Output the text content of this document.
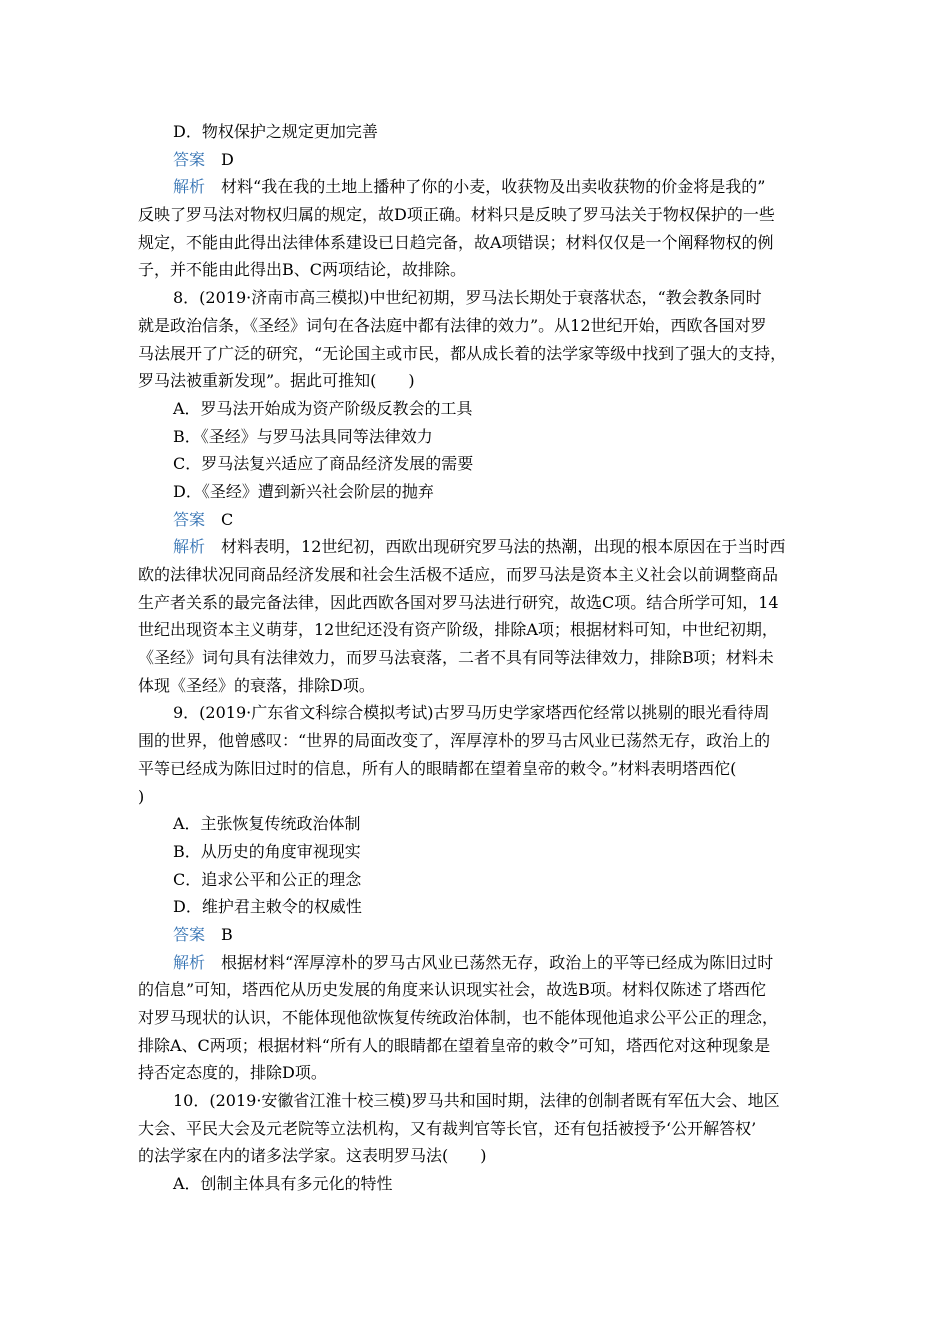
D．物权保护之规定更加完善
答案　 D
解析　 材料“我在我的土地上播种了你的小麦，收获物及出卖收获物的价金将是我的”
反映了罗马法对物权归属的规定，故D项正确。材料只是反映了罗马法关于物权保护的一些
规定，不能由此得出法律体系建设已日趋完备，故A项错误；材料仅仅是一个阐释物权的例
子，并不能由此得出B、C两项结论，故排除。
8．(2019·济南市高三模拟)中世纪初期，罗马法长期处于衰落状态，“教会教条同时
就是政治信条，《圣经》词句在各法庭中都有法律的效力”。从12世纪开始，西欧各国对罗
马法展开了广泛的研究，“无论国主或市民，都从成长着的法学家等级中找到了强大的支持，
罗马法被重新发现”。据此可推知(　　)
A．罗马法开始成为资产阶级反教会的工具
B．《圣经》与罗马法具同等法律效力
C．罗马法复兴适应了商品经济发展的需要
D．《圣经》遭到新兴社会阶层的抛弃
答案　 C
解析　 材料表明，12世纪初，西欧出现研究罗马法的热潮，出现的根本原因在于当时西
欧的法律状况同商品经济发展和社会生活极不适应，而罗马法是资本主义社会以前调整商品
生产者关系的最完备法律，因此西欧各国对罗马法进行研究，故选C项。结合所学可知，14
世纪出现资本主义萌芽，12世纪还没有资产阶级，排除A项；根据材料可知，中世纪初期，
《圣经》词句具有法律效力，而罗马法衰落，二者不具有同等法律效力，排除B项；材料未
体现《圣经》的衰落，排除D项。
9．(2019·广东省文科综合模拟考试)古罗马历史学家塔西佗经常以挑剔的眼光看待周
围的世界，他曾感叹：“世界的局面改变了，浑厚淳朴的罗马古风业已荡然无存，政治上的
平等已经成为陈旧过时的信息，所有人的眼睛都在望着皇帝的敕令。”材料表明塔西佗(
)
A．主张恢复传统政治体制
B．从历史的角度审视现实
C．追求公平和公正的理念
D．维护君主敕令的权威性
答案　 B
解析　 根据材料“浑厚淳朴的罗马古风业已荡然无存，政治上的平等已经成为陈旧过时
的信息”可知，塔西佗从历史发展的角度来认识现实社会，故选B项。材料仅陈述了塔西佗
对罗马现状的认识，不能体现他欲恢复传统政治体制，也不能体现他追求公平公正的理念，
排除A、C两项；根据材料“所有人的眼睛都在望着皇帝的敕令”可知，塔西佗对这种现象是
持否定态度的，排除D项。
10．(2019·安徽省江淮十校三模)罗马共和国时期，法律的创制者既有军伍大会、地区
大会、平民大会及元老院等立法机构，又有裁判官等长官，还有包括被授予‘公开解答权’
的法学家在内的诸多法学家。这表明罗马法(　　)
A．创制主体具有多元化的特性
